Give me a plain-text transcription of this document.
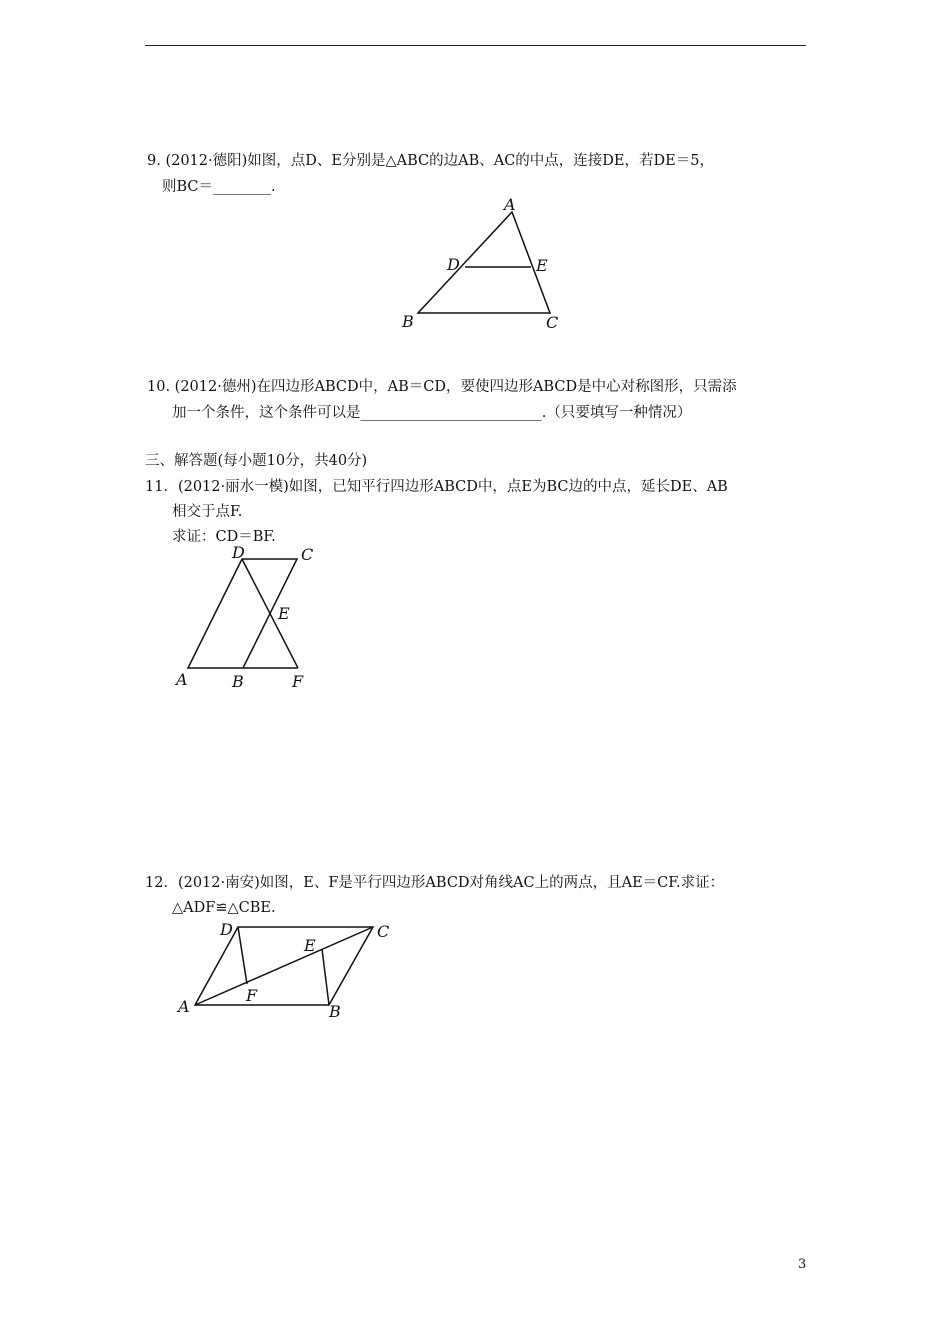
9. (2012·德阳)如图，点D、E分别是△ABC的边AB、AC的中点，连接DE，若DE＝5，
则BC＝________.
A
D	E
B	C
10. (2012·德州)在四边形ABCD中，AB＝CD，要使四边形ABCD是中心对称图形，只需添
加一个条件，这个条件可以是_________________________.（只要填写一种情况）
三、解答题(每小题10分，共40分)
11．(2012·丽水一模)如图，已知平行四边形ABCD中，点E为BC边的中点，延长DE、AB
相交于点F.
求证：CD＝BF.
D	C
E
A	B	F
12．(2012·南安)如图，E、F是平行四边形ABCD对角线AC上的两点，且AE＝CF.求证：
△ADF≌△CBE.
D	C
E
F
A	B
3
